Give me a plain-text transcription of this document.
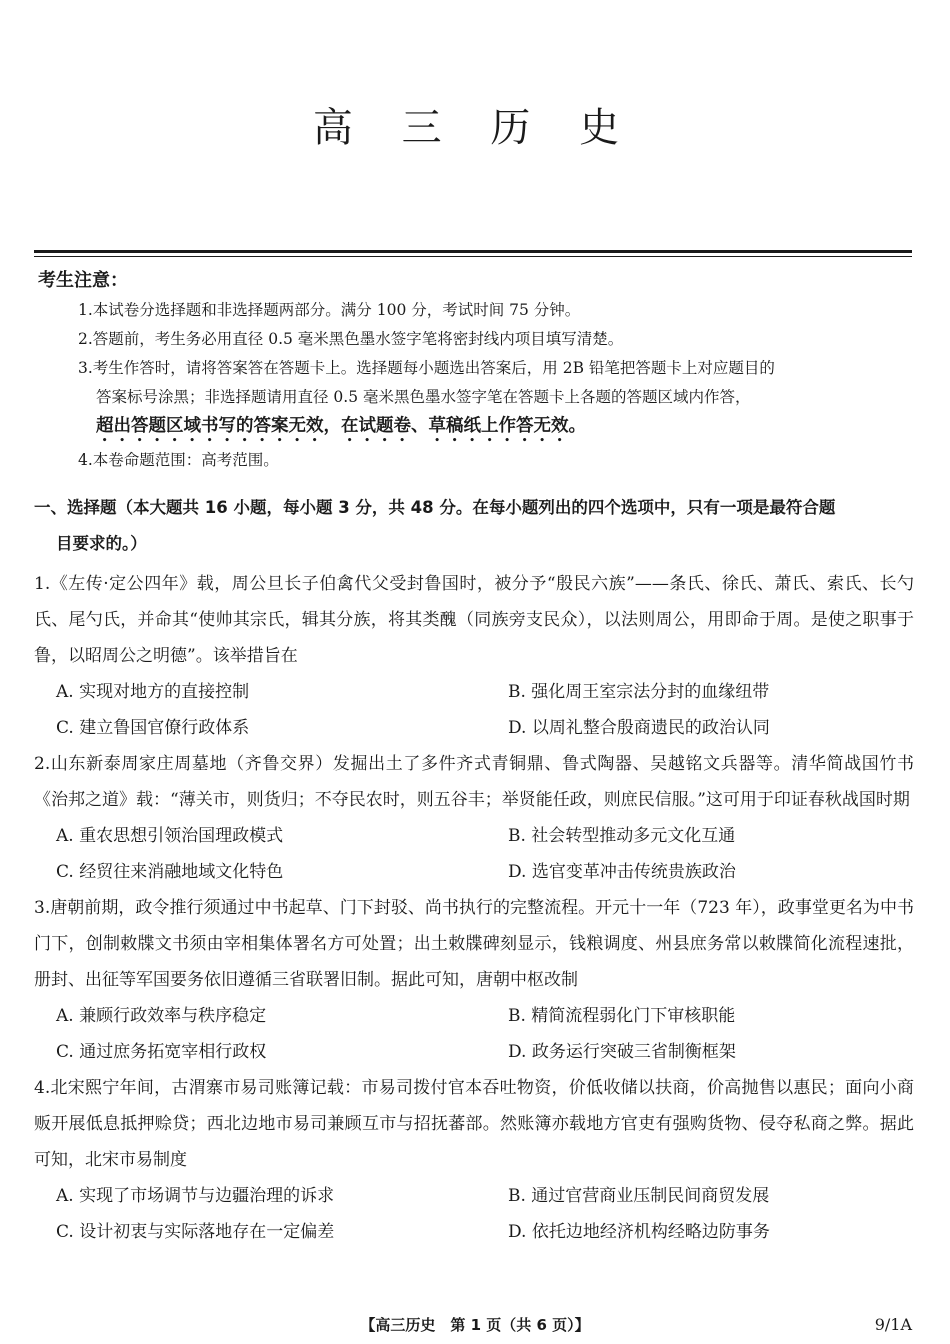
高 三 历 史
考生注意：
1.本试卷分选择题和非选择题两部分。满分 100 分，考试时间 75 分钟。
2.答题前，考生务必用直径 0.5 毫米黑色墨水签字笔将密封线内项目填写清楚。
3.考生作答时，请将答案答在答题卡上。选择题每小题选出答案后，用 2B 铅笔把答题卡上对应题目的
答案标号涂黑；非选择题请用直径 0.5 毫米黑色墨水签字笔在答题卡上各题的答题区域内作答，
超出答题区域书写的答案无效，在试题卷、草稿纸上作答无效。
4.本卷命题范围：高考范围。
一、选择题（本大题共 16 小题，每小题 3 分，共 48 分。在每小题列出的四个选项中，只有一项是最符合题
目要求的。）
1.《左传·定公四年》载，周公旦长子伯禽代父受封鲁国时，被分予“殷民六族”——条氏、徐氏、萧氏、索氏、长勺氏、尾勺氏，并命其“使帅其宗氏，辑其分族，将其类醜（同族旁支民众），以法则周公，用即命于周。是使之职事于鲁，以昭周公之明德”。该举措旨在
A. 实现对地方的直接控制	B. 强化周王室宗法分封的血缘纽带
C. 建立鲁国官僚行政体系	D. 以周礼整合殷商遗民的政治认同
2.山东新泰周家庄周墓地（齐鲁交界）发掘出土了多件齐式青铜鼎、鲁式陶器、吴越铭文兵器等。清华简战国竹书《治邦之道》载：“薄关市，则货归；不夺民农时，则五谷丰；举贤能任政，则庶民信服。”这可用于印证春秋战国时期
A. 重农思想引领治国理政模式	B. 社会转型推动多元文化互通
C. 经贸往来消融地域文化特色	D. 选官变革冲击传统贵族政治
3.唐朝前期，政令推行须通过中书起草、门下封驳、尚书执行的完整流程。开元十一年（723 年），政事堂更名为中书门下，创制敕牒文书须由宰相集体署名方可处置；出土敕牒碑刻显示，钱粮调度、州县庶务常以敕牒简化流程速批，册封、出征等军国要务依旧遵循三省联署旧制。据此可知，唐朝中枢改制
A. 兼顾行政效率与秩序稳定	B. 精简流程弱化门下审核职能
C. 通过庶务拓宽宰相行政权	D. 政务运行突破三省制衡框架
4.北宋熙宁年间，古渭寨市易司账簿记载：市易司拨付官本吞吐物资，价低收储以扶商，价高抛售以惠民；面向小商贩开展低息抵押赊贷；西北边地市易司兼顾互市与招抚蕃部。然账簿亦载地方官吏有强购货物、侵夺私商之弊。据此可知，北宋市易制度
A. 实现了市场调节与边疆治理的诉求	B. 通过官营商业压制民间商贸发展
C. 设计初衷与实际落地存在一定偏差	D. 依托边地经济机构经略边防事务
【高三历史　第 1 页（共 6 页）】	9/1A
